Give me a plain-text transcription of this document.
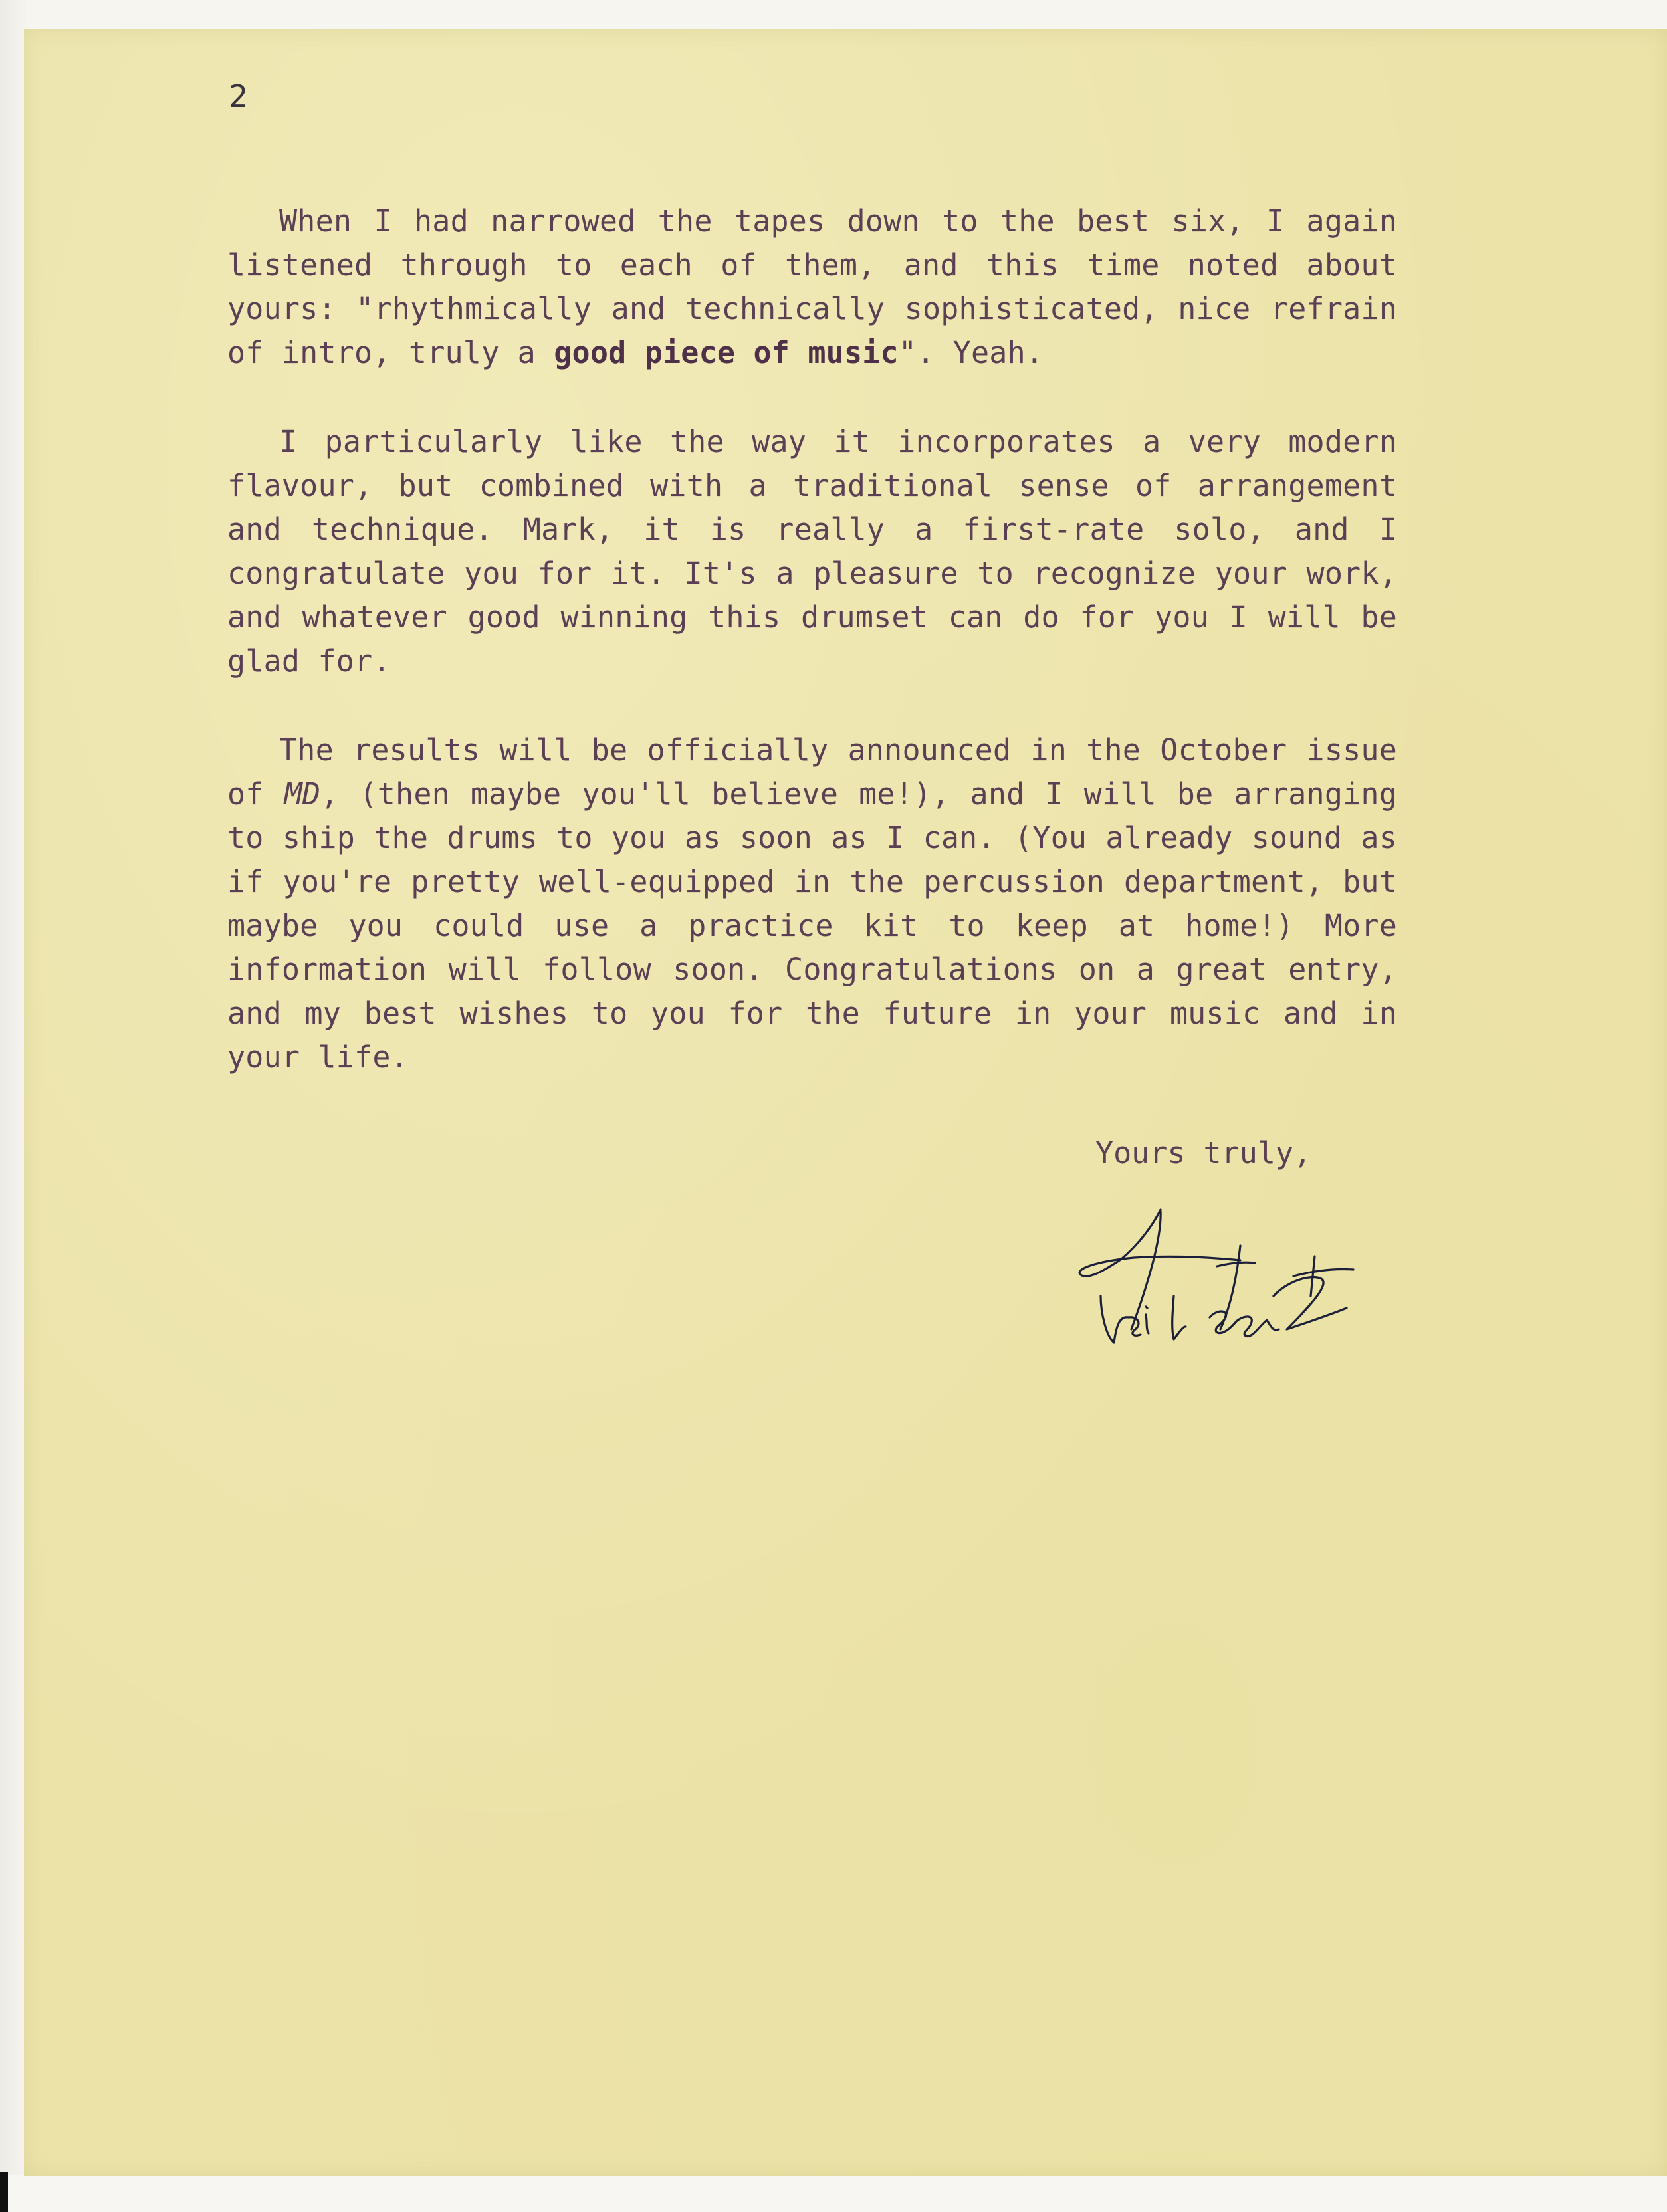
2

When I had narrowed the tapes down to the best six, I again listened through to each of them, and this time noted about yours: "rhythmically and technically sophisticated, nice refrain of intro, truly a good piece of music". Yeah.

I particularly like the way it incorporates a very modern flavour, but combined with a traditional sense of arrangement and technique. Mark, it is really a first-rate solo, and I congratulate you for it. It's a pleasure to recognize your work, and whatever good winning this drumset can do for you I will be glad for.

The results will be officially announced in the October issue of MD, (then maybe you'll believe me!), and I will be arranging to ship the drums to you as soon as I can. (You already sound as if you're pretty well-equipped in the percussion department, but maybe you could use a practice kit to keep at home!) More information will follow soon. Congratulations on a great entry, and my best wishes to you for the future in your music and in your life.

Yours truly,
